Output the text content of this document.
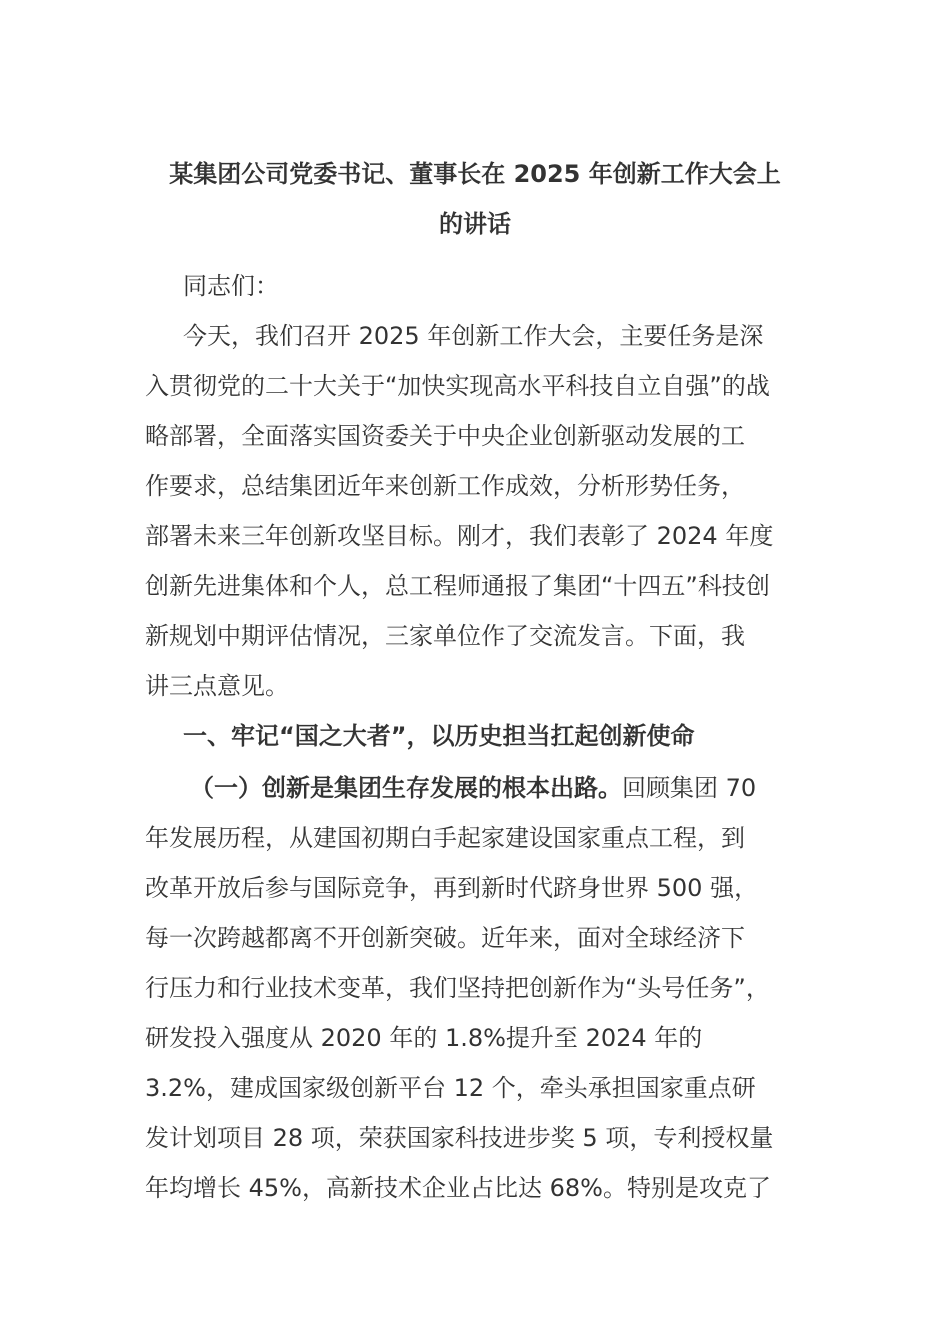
某集团公司党委书记、董事长在 2025 年创新工作大会上
的讲话
同志们：
今天，我们召开 2025 年创新工作大会，主要任务是深
入贯彻党的二十大关于“加快实现高水平科技自立自强”的战
略部署，全面落实国资委关于中央企业创新驱动发展的工
作要求，总结集团近年来创新工作成效，分析形势任务，
部署未来三年创新攻坚目标。刚才，我们表彰了 2024 年度
创新先进集体和个人，总工程师通报了集团“十四五”科技创
新规划中期评估情况，三家单位作了交流发言。下面，我
讲三点意见。
一、牢记“国之大者”，以历史担当扛起创新使命
（一）创新是集团生存发展的根本出路。回顾集团 70
年发展历程，从建国初期白手起家建设国家重点工程，到
改革开放后参与国际竞争，再到新时代跻身世界 500 强，
每一次跨越都离不开创新突破。近年来，面对全球经济下
行压力和行业技术变革，我们坚持把创新作为“头号任务”，
研发投入强度从 2020 年的 1.8%提升至 2024 年的
3.2%，建成国家级创新平台 12 个，牵头承担国家重点研
发计划项目 28 项，荣获国家科技进步奖 5 项，专利授权量
年均增长 45%，高新技术企业占比达 68%。特别是攻克了
